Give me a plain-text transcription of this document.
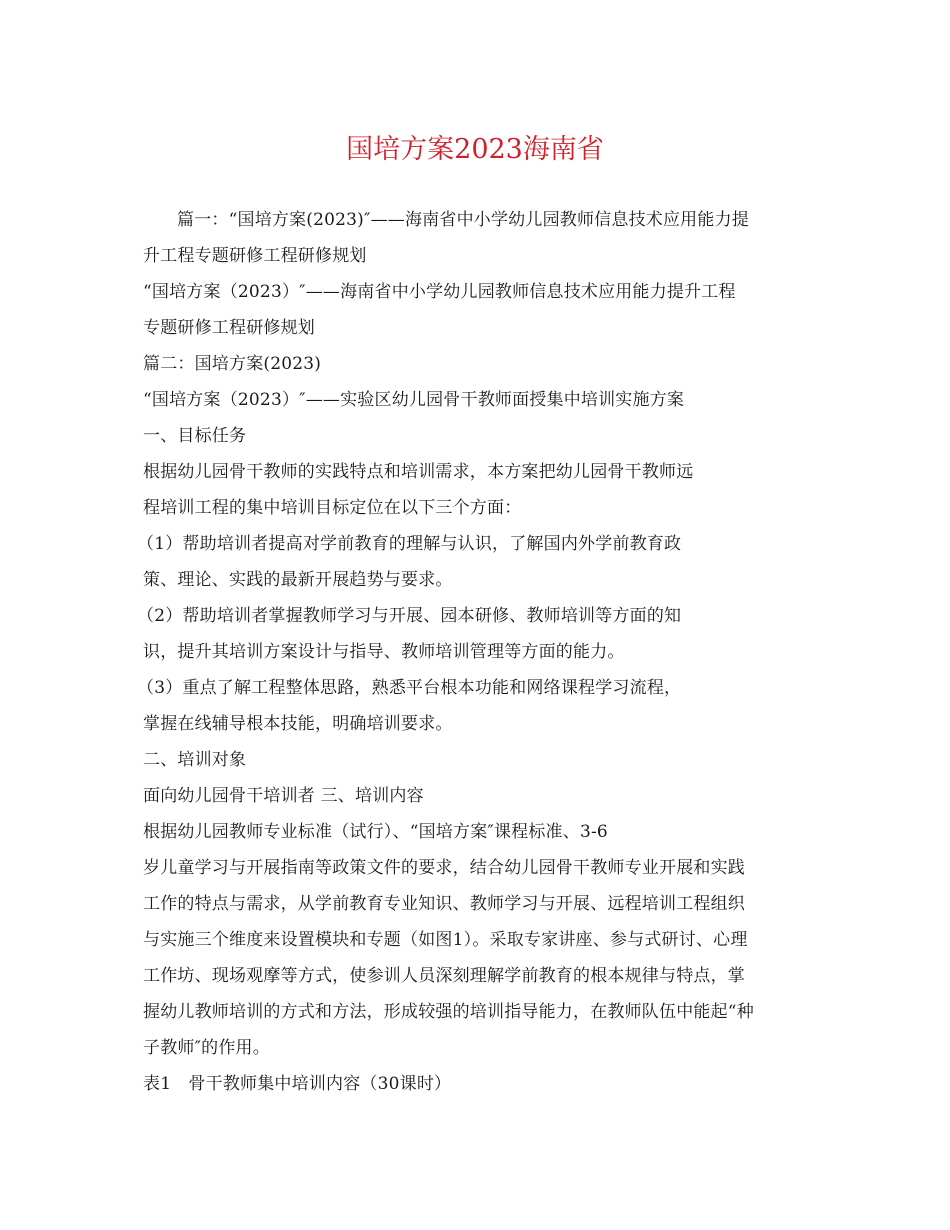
国培方案2023海南省
篇一：“国培方案(2023)″——海南省中小学幼儿园教师信息技术应用能力提
升工程专题研修工程研修规划
“国培方案（2023）″——海南省中小学幼儿园教师信息技术应用能力提升工程
专题研修工程研修规划
篇二：国培方案(2023)
“国培方案（2023）″——实验区幼儿园骨干教师面授集中培训实施方案
一、目标任务
根据幼儿园骨干教师的实践特点和培训需求，本方案把幼儿园骨干教师远
程培训工程的集中培训目标定位在以下三个方面：
（1）帮助培训者提高对学前教育的理解与认识，了解国内外学前教育政
策、理论、实践的最新开展趋势与要求。
（2）帮助培训者掌握教师学习与开展、园本研修、教师培训等方面的知
识，提升其培训方案设计与指导、教师培训管理等方面的能力。
（3）重点了解工程整体思路，熟悉平台根本功能和网络课程学习流程，
掌握在线辅导根本技能，明确培训要求。
二、培训对象
面向幼儿园骨干培训者 三、培训内容
根据幼儿园教师专业标准（试行）、“国培方案″课程标准、3-6
岁儿童学习与开展指南等政策文件的要求，结合幼儿园骨干教师专业开展和实践
工作的特点与需求，从学前教育专业知识、教师学习与开展、远程培训工程组织
与实施三个维度来设置模块和专题（如图1）。采取专家讲座、参与式研讨、心理
工作坊、现场观摩等方式，使参训人员深刻理解学前教育的根本规律与特点，掌
握幼儿教师培训的方式和方法，形成较强的培训指导能力，在教师队伍中能起“种
子教师″的作用。
表1　骨干教师集中培训内容（30课时）
